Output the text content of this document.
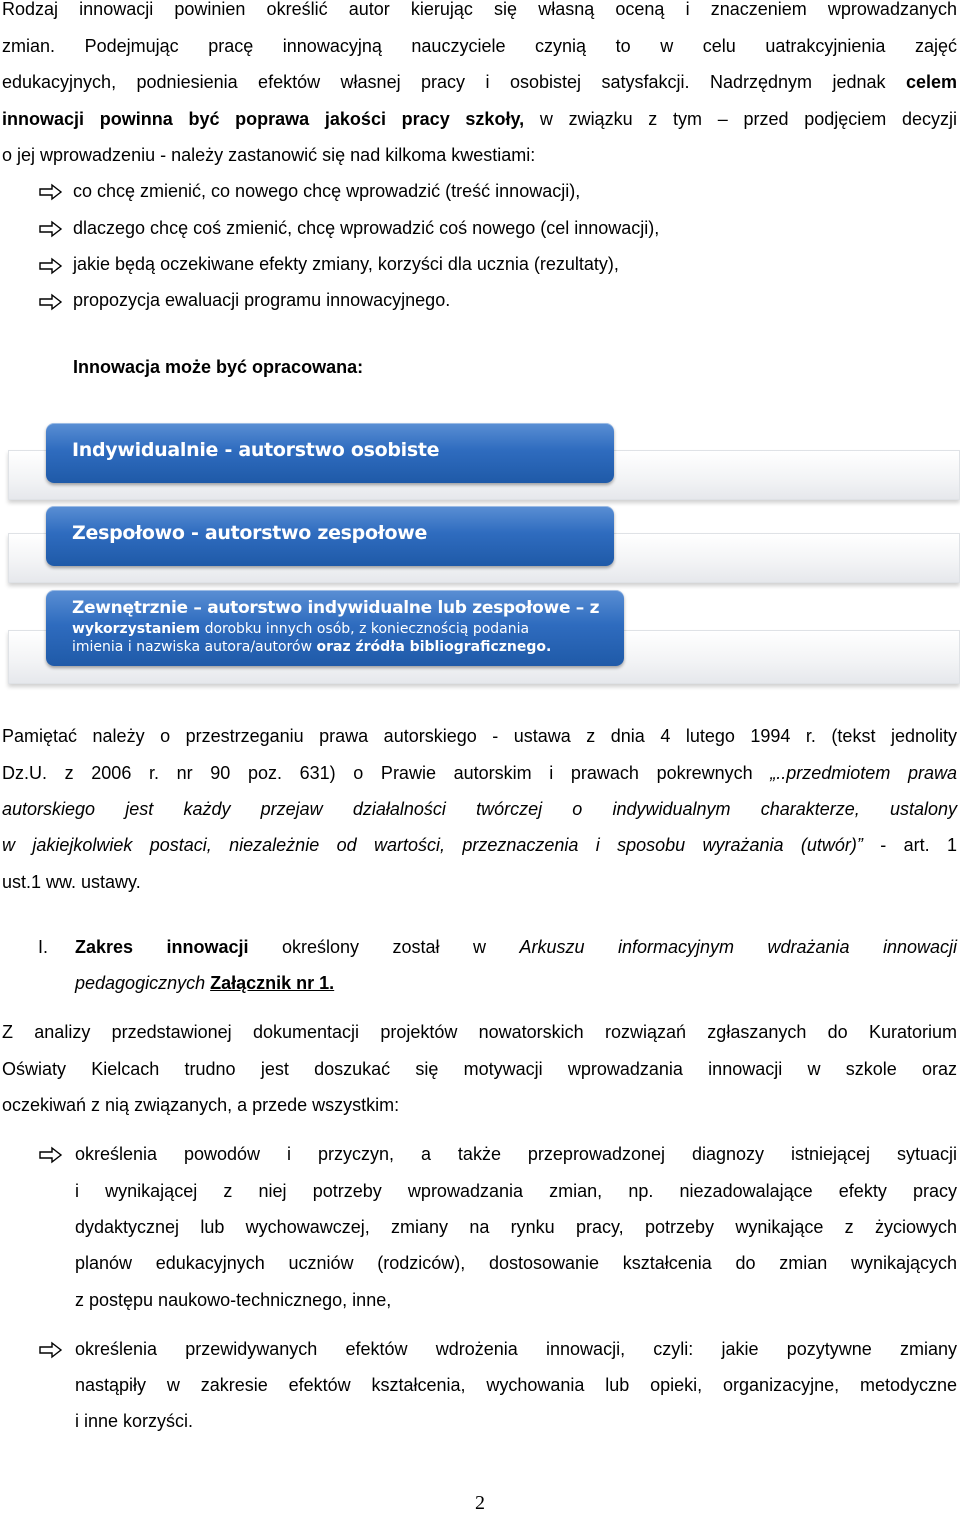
Rodzaj innowacji powinien określić autor kierując się własną oceną i znaczeniem wprowadzanych
zmian. Podejmując pracę innowacyjną nauczyciele czynią to w celu uatrakcyjnienia zajęć
edukacyjnych, podniesienia efektów własnej pracy i osobistej satysfakcji. Nadrzędnym jednak celem
innowacji powinna być poprawa jakości pracy szkoły, w związku z tym – przed podjęciem decyzji
o jej wprowadzeniu - należy zastanowić się nad kilkoma kwestiami:
co chcę zmienić, co nowego chcę wprowadzić (treść innowacji),
dlaczego chcę coś zmienić, chcę wprowadzić coś nowego (cel innowacji),
jakie będą oczekiwane efekty zmiany, korzyści dla ucznia (rezultaty),
propozycja ewaluacji programu innowacyjnego.
Innowacja może być opracowana:
Indywidualnie - autorstwo osobiste
Zespołowo - autorstwo zespołowe
Zewnętrznie – autorstwo indywidualne lub zespołowe – z
wykorzystaniem dorobku innych osób, z koniecznością podania
imienia i nazwiska autora/autorów oraz źródła bibliograficznego.
Pamiętać należy o przestrzeganiu prawa autorskiego - ustawa z dnia 4 lutego 1994 r. (tekst jednolity
Dz.U. z 2006 r. nr 90 poz. 631) o Prawie autorskim i prawach pokrewnych „..przedmiotem prawa
autorskiego jest każdy przejaw działalności twórczej o indywidualnym charakterze, ustalony
w jakiejkolwiek postaci, niezależnie od wartości, przeznaczenia i sposobu wyrażania (utwór)” - art. 1
ust.1 ww. ustawy.
I. Zakres innowacji określony został w Arkuszu informacyjnym wdrażania innowacji
pedagogicznych Załącznik nr 1.
Z analizy przedstawionej dokumentacji projektów nowatorskich rozwiązań zgłaszanych do Kuratorium
Oświaty Kielcach trudno jest doszukać się motywacji wprowadzania innowacji w szkole oraz
oczekiwań z nią związanych, a przede wszystkim:
określenia powodów i przyczyn, a także przeprowadzonej diagnozy istniejącej sytuacji
i wynikającej z niej potrzeby wprowadzania zmian, np. niezadowalające efekty pracy
dydaktycznej lub wychowawczej, zmiany na rynku pracy, potrzeby wynikające z życiowych
planów edukacyjnych uczniów (rodziców), dostosowanie kształcenia do zmian wynikających
z postępu naukowo-technicznego, inne,
określenia przewidywanych efektów wdrożenia innowacji, czyli: jakie pozytywne zmiany
nastąpiły w zakresie efektów kształcenia, wychowania lub opieki, organizacyjne, metodyczne
i inne korzyści.
2
